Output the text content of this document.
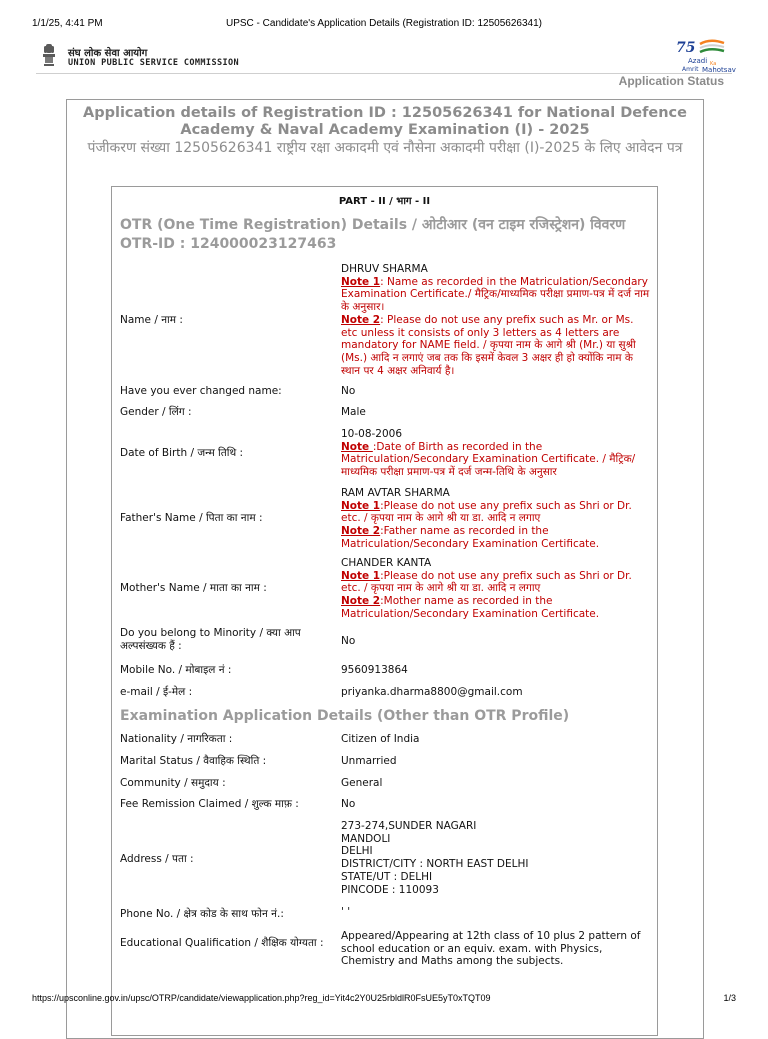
1/1/25, 4:41 PM	UPSC - Candidate's Application Details (Registration ID: 12505626341)
संघ लोक सेवा आयोग
UNION PUBLIC SERVICE COMMISSION
75
Azadi Ka
Amrit Mahotsav
Application Status
Application details of Registration ID : 12505626341 for National Defence Academy & Naval Academy Examination (I) - 2025
पंजीकरण संख्या 12505626341 राष्ट्रीय रक्षा अकादमी एवं नौसेना अकादमी परीक्षा (I)-2025 के लिए आवेदन पत्र
PART - II / भाग - II
OTR (One Time Registration) Details / ओटीआर (वन टाइम रजिस्ट्रेशन) विवरण OTR-ID : 124000023127463
Name / नाम :
DHRUV SHARMA
Note 1: Name as recorded in the Matriculation/Secondary Examination Certificate./ मैट्रिक/माध्यमिक परीक्षा प्रमाण-पत्र में दर्ज नाम के अनुसार।
Note 2: Please do not use any prefix such as Mr. or Ms. etc unless it consists of only 3 letters as 4 letters are mandatory for NAME field. / कृपया नाम के आगे श्री (Mr.) या सुश्री (Ms.) आदि न लगाएं जब तक कि इसमें केवल 3 अक्षर ही हो क्योंकि नाम के स्थान पर 4 अक्षर अनिवार्य है।
Have you ever changed name:	No
Gender / लिंग :	Male
Date of Birth / जन्म तिथि :
10-08-2006
Note :Date of Birth as recorded in the Matriculation/Secondary Examination Certificate. / मैट्रिक/माध्यमिक परीक्षा प्रमाण-पत्र में दर्ज जन्म-तिथि के अनुसार
Father's Name / पिता का नाम :
RAM AVTAR SHARMA
Note 1:Please do not use any prefix such as Shri or Dr. etc. / कृपया नाम के आगे श्री या डा. आदि न लगाए
Note 2:Father name as recorded in the Matriculation/Secondary Examination Certificate.
Mother's Name / माता का नाम :
CHANDER KANTA
Note 1:Please do not use any prefix such as Shri or Dr. etc. / कृपया नाम के आगे श्री या डा. आदि न लगाए
Note 2:Mother name as recorded in the Matriculation/Secondary Examination Certificate.
Do you belong to Minority / क्या आप अल्पसंख्यक हैं :	No
Mobile No. / मोबाइल नं :	9560913864
e-mail / ई-मेल :	priyanka.dharma8800@gmail.com
Examination Application Details (Other than OTR Profile)
Nationality / नागरिकता :	Citizen of India
Marital Status / वैवाहिक स्थिति :	Unmarried
Community / समुदाय :	General
Fee Remission Claimed / शुल्क माफ़ :	No
Address / पता :
273-274,SUNDER NAGARI
MANDOLI
DELHI
DISTRICT/CITY : NORTH EAST DELHI
STATE/UT : DELHI
PINCODE : 110093
Phone No. / क्षेत्र कोड के साथ फोन नं.:	' '
Educational Qualification / शैक्षिक योग्यता :
Appeared/Appearing at 12th class of 10 plus 2 pattern of school education or an equiv. exam. with Physics, Chemistry and Maths among the subjects.
https://upsconline.gov.in/upsc/OTRP/candidate/viewapplication.php?reg_id=Yit4c2Y0U25rbldlR0FsUE5yT0xTQT09	1/3
